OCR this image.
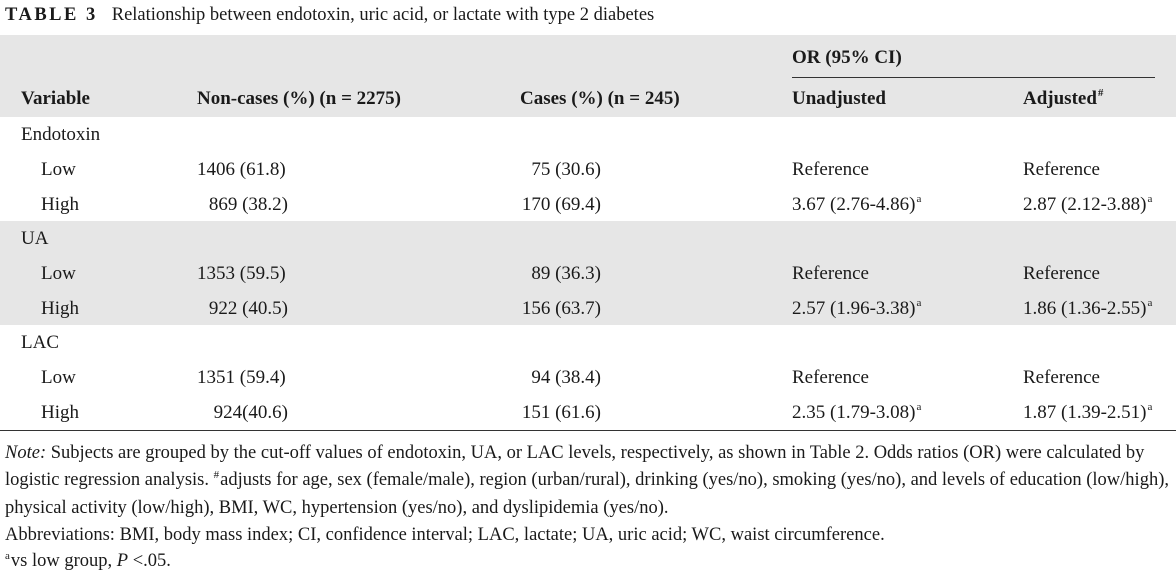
TABLE 3 Relationship between endotoxin, uric acid, or lactate with type 2 diabetes
OR (95% CI)
Variable	Non-cases (%) (n = 2275)	Cases (%) (n = 245)	Unadjusted	Adjusted#
Endotoxin
Low	1406 (61.8)	75 (30.6)	Reference	Reference
High	869 (38.2)	170 (69.4)	3.67 $(2.76-4.86)^a$	2.87 $(2.12-3.88)^a$
UA
Low	1353 (59.5)	89 (36.3)	Reference	Reference
High	922 (40.5)	156 (63.7)	2.57 $(1.96-3.38)^a$	1.86 $(1.36-2.55)^a$
LAC
Low	1351 (59.4)	94 (38.4)	Reference	Reference
High	924(40.6)	151 (61.6)	2.35 $(1.79-3.08)^a$	1.87 $(1.39-2.51)^a$

Note: Subjects are grouped by the cut-off values of endotoxin, UA, or LAC levels, respectively, as shown in Table 2. Odds ratios (OR) were calculated by logistic regression analysis. #adjusts for age, sex (female/male), region (urban/rural), drinking (yes/no), smoking (yes/no), and levels of education (low/high), physical activity (low/high), BMI, WC, hypertension (yes/no), and dyslipidemia (yes/no).

Abbreviations: BMI, body mass index; CI, confidence interval; LAC, lactate; UA, uric acid; WC, waist circumference.

$^a$vs low group, P <.05.
